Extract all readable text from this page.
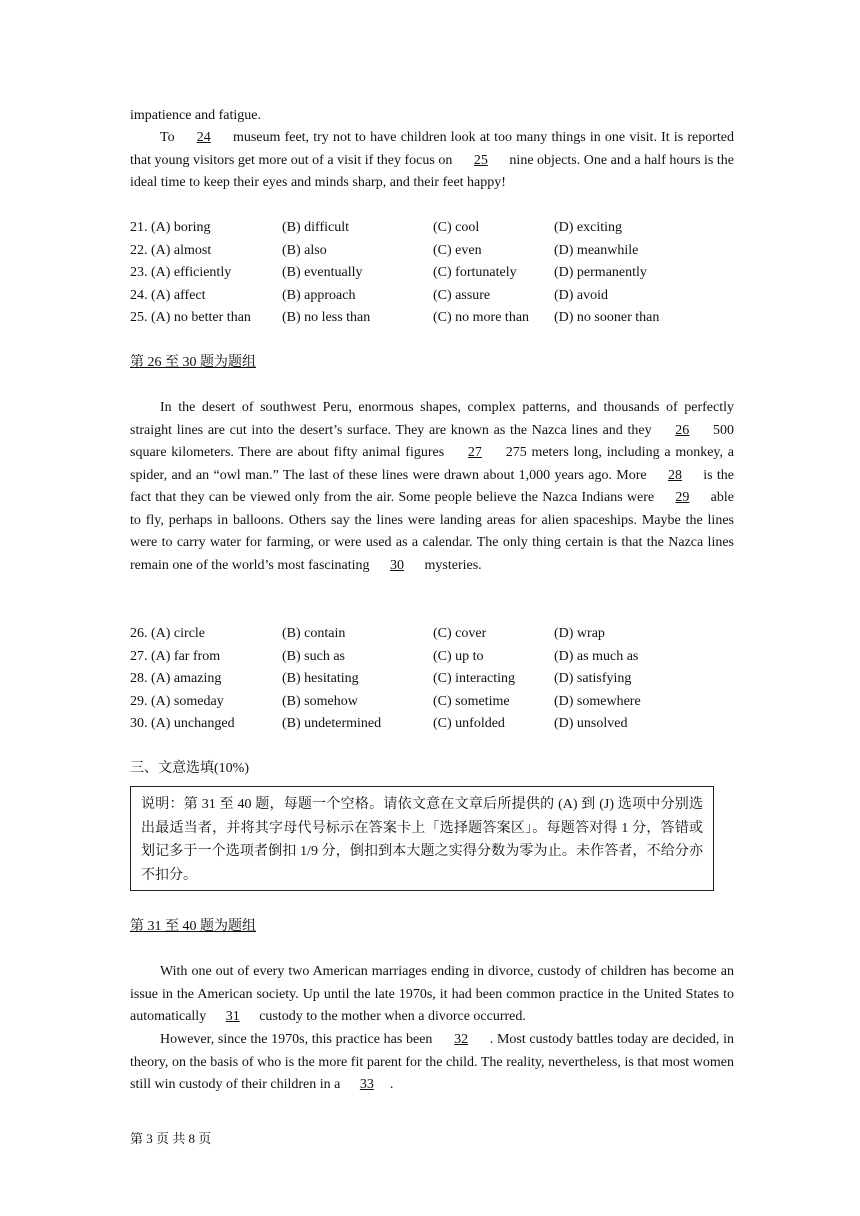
impatience and fatigue.

To 24 museum feet, try not to have children look at too many things in one visit. It is reported that young visitors get more out of a visit if they focus on 25 nine objects. One and a half hours is the ideal time to keep their eyes and minds sharp, and their feet happy!

21. (A) boring	(B) difficult	(C) cool	(D) exciting
22. (A) almost	(B) also	(C) even	(D) meanwhile
23. (A) efficiently	(B) eventually	(C) fortunately	(D) permanently
24. (A) affect	(B) approach	(C) assure	(D) avoid
25. (A) no better than (B) no less than	(C) no more than (D) no sooner than
第 26 至 30 题为题组

In the desert of southwest Peru, enormous shapes, complex patterns, and thousands of perfectly straight lines are cut into the desert’s surface. They are known as the Nazca lines and they 26 500 square kilometers. There are about fifty animal figures 27 275 meters long, including a monkey, a spider, and an “owl man.” The last of these lines were drawn about 1,000 years ago. More 28 is the fact that they can be viewed only from the air. Some people believe the Nazca Indians were 29 able to fly, perhaps in balloons. Others say the lines were landing areas for alien spaceships. Maybe the lines were to carry water for farming, or were used as a calendar. The only thing certain is that the Nazca lines remain one of the world’s most fascinating 30 mysteries.

26. (A) circle	(B) contain	(C) cover	(D) wrap
27. (A) far from	(B) such as	(C) up to	(D) as much as
28. (A) amazing	(B) hesitating	(C) interacting	(D) satisfying
29. (A) someday	(B) somehow	(C) sometime	(D) somewhere
30. (A) unchanged	(B) undetermined	(C) unfolded	(D) unsolved
三、文意选填(10%)

说明：第 31 至 40 题，每题一个空格。请依文意在文章后所提供的 (A) 到 (J) 选项中分别选出最适当者，并将其字母代号标示在答案卡上「选择题答案区」。每题答对得 1 分，答错或划记多于一个选项者倒扣 1/9 分，倒扣到本大题之实得分数为零为止。未作答者，不给分亦不扣分。

第 31 至 40 题为题组

With one out of every two American marriages ending in divorce, custody of children has become an issue in the American society. Up until the late 1970s, it had been common practice in the United States to automatically 31 custody to the mother when a divorce occurred.

However, since the 1970s, this practice has been 32 . Most custody battles today are decided, in theory, on the basis of who is the more fit parent for the child. The reality, nevertheless, is that most women still win custody of their children in a 33 .

第 3 页 共 8 页
